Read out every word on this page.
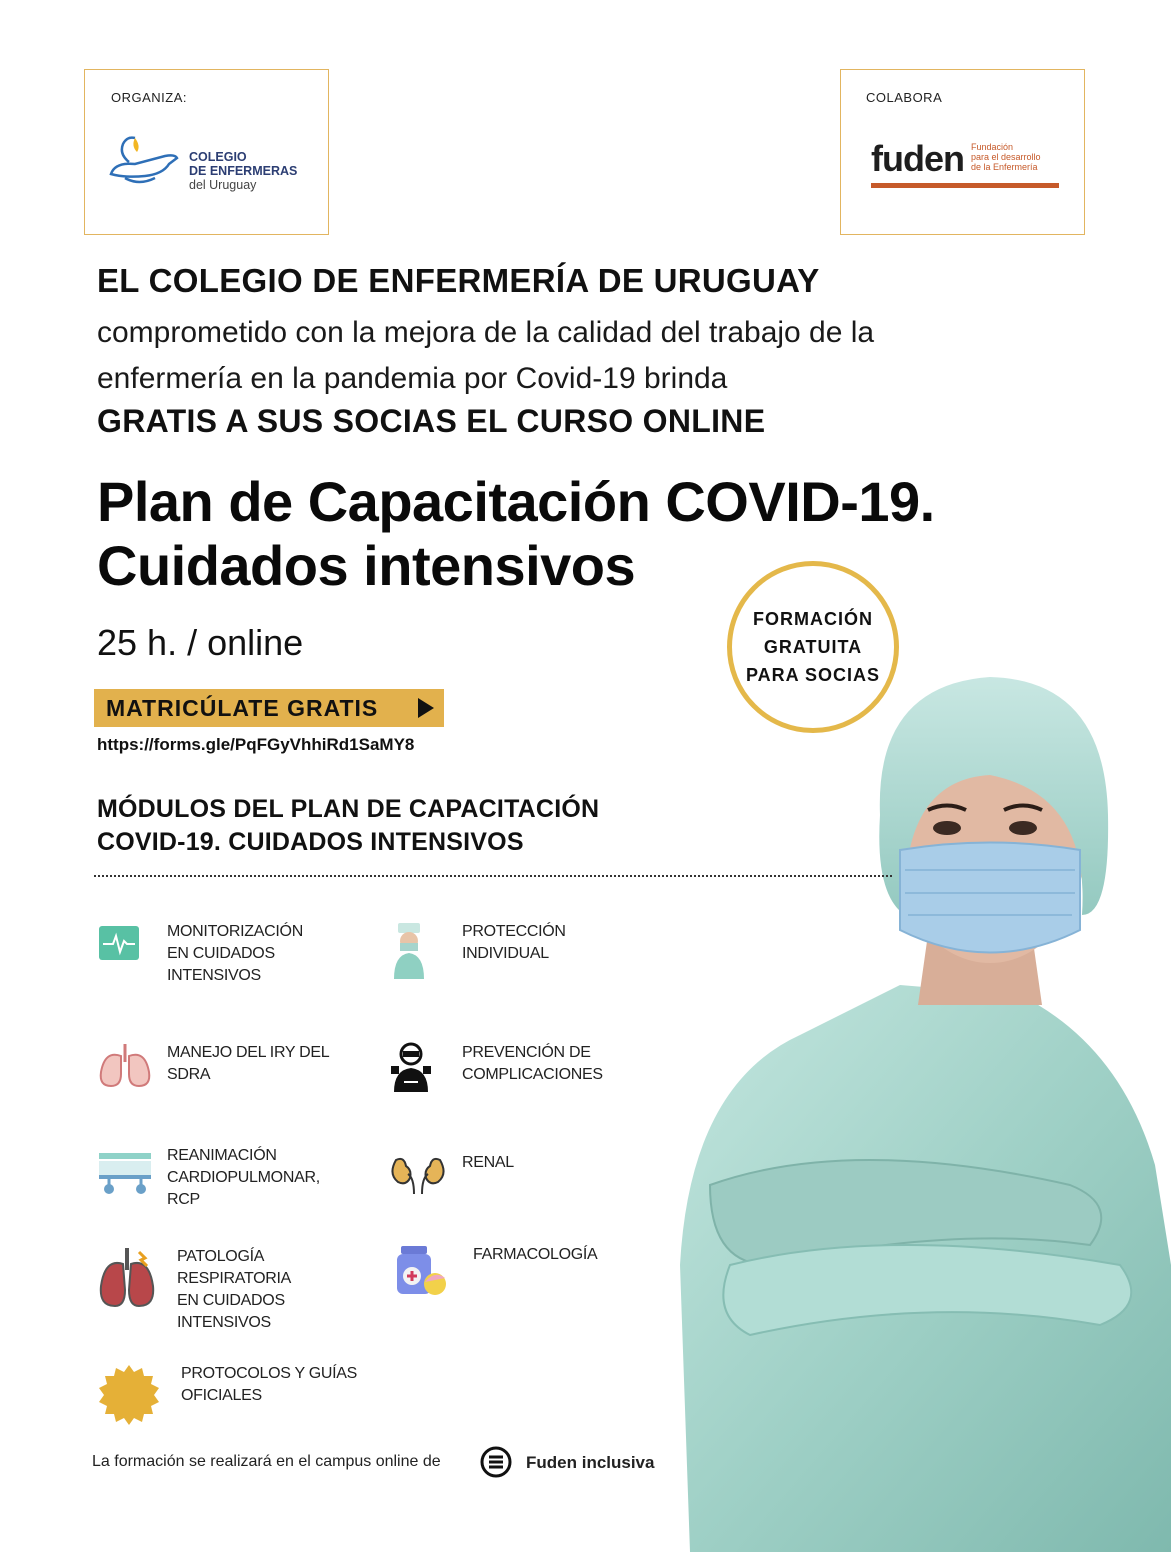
ORGANIZA:
COLEGIO
DE ENFERMERAS
del Uruguay
COLABORA
fuden Fundación
para el desarrollo
de la Enfermería
EL COLEGIO DE ENFERMERÍA DE URUGUAY
comprometido con la mejora de la calidad del trabajo de la
enfermería en la pandemia por Covid-19 brinda
GRATIS A SUS SOCIAS EL CURSO ONLINE
Plan de Capacitación COVID-19.
Cuidados intensivos
25 h. / online
FORMACIÓN
GRATUITA
PARA SOCIAS
MATRICÚLATE GRATIS
https://forms.gle/PqFGyVhhiRd1SaMY8
MÓDULOS DEL PLAN DE CAPACITACIÓN
COVID-19. CUIDADOS INTENSIVOS
MONITORIZACIÓN
EN CUIDADOS
INTENSIVOS
PROTECCIÓN
INDIVIDUAL
MANEJO DEL IRY DEL
SDRA
PREVENCIÓN DE
COMPLICACIONES
REANIMACIÓN
CARDIOPULMONAR,
RCP
RENAL
PATOLOGÍA
RESPIRATORIA
EN CUIDADOS
INTENSIVOS
FARMACOLOGÍA
PROTOCOLOS Y GUÍAS
OFICIALES
La formación se realizará en el campus online de	Fuden inclusiva
